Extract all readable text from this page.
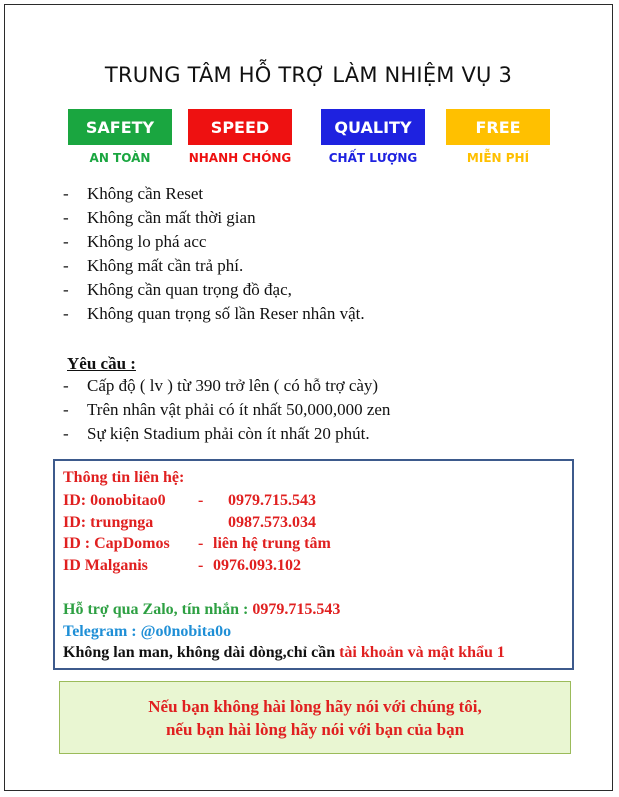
TRUNG TÂM HỖ TRỢ LÀM NHIỆM VỤ 3
SAFETY	SPEED	QUALITY	FREE
AN TOÀN	NHANH CHÓNG	CHẤT LƯỢNG	MIỄN PHÍ
- Không cần Reset
- Không cần mất thời gian
- Không lo phá acc
- Không mất cần trả phí.
- Không cần quan trọng đồ đạc,
- Không quan trọng số lần Reser nhân vật.
Yêu cầu :
- Cấp độ ( lv ) từ 390 trở lên ( có hỗ trợ cày)
- Trên nhân vật phải có ít nhất 50,000,000 zen
- Sự kiện Stadium phải còn ít nhất 20 phút.
Thông tin liên hệ:
ID: 0onobitao0 - 0979.715.543
ID: trungnga	0987.573.034
ID : CapDomos - liên hệ trung tâm
ID Malganis	- 0976.093.102
Hỗ trợ qua Zalo, tín nhắn : 0979.715.543
Telegram : @o0nobita0o
Không lan man, không dài dòng,chỉ cần tài khoản và mật khẩu 1
Nếu bạn không hài lòng hãy nói với chúng tôi,
nếu bạn hài lòng hãy nói với bạn của bạn
